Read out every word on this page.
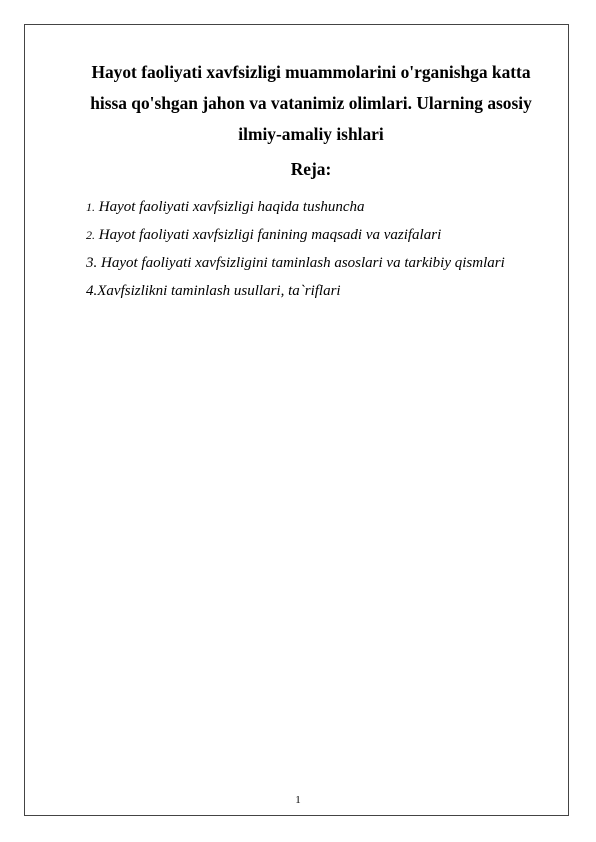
Hayot faoliyati xavfsizligi muammolarini o'rganishga katta
hissa qo'shgan jahon va vatanimiz olimlari. Ularning asosiy
ilmiy-amaliy ishlari

Reja:

1. Hayot faoliyati xavfsizligi haqida tushuncha
2. Hayot faoliyati xavfsizligi fanining maqsadi va vazifalari
3. Hayot faoliyati xavfsizligini taminlash asoslari va tarkibiy qismlari
4.Xavfsizlikni taminlash usullari, ta`riflari
1
